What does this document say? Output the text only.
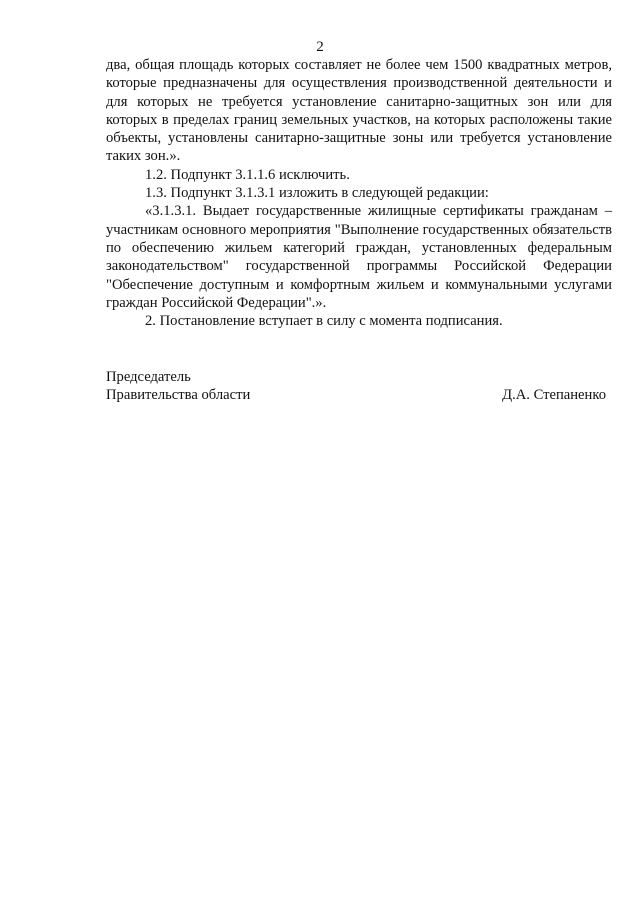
2

два, общая площадь которых составляет не более чем 1500 квадратных метров, которые предназначены для осуществления производственной деятельности и для которых не требуется установление санитарно-защитных зон или для которых в пределах границ земельных участков, на которых расположены такие объекты, установлены санитарно-защитные зоны или требуется установление таких зон.».

1.2. Подпункт 3.1.1.6 исключить.

1.3. Подпункт 3.1.3.1 изложить в следующей редакции:

«3.1.3.1. Выдает государственные жилищные сертификаты гражданам – участникам основного мероприятия "Выполнение государственных обязательств по обеспечению жильем категорий граждан, установленных федеральным законодательством" государственной программы Российской Федерации "Обеспечение доступным и комфортным жильем и коммунальными услугами граждан Российской Федерации".».

2. Постановление вступает в силу с момента подписания.

Председатель
Правительства области	Д.А. Степаненко
